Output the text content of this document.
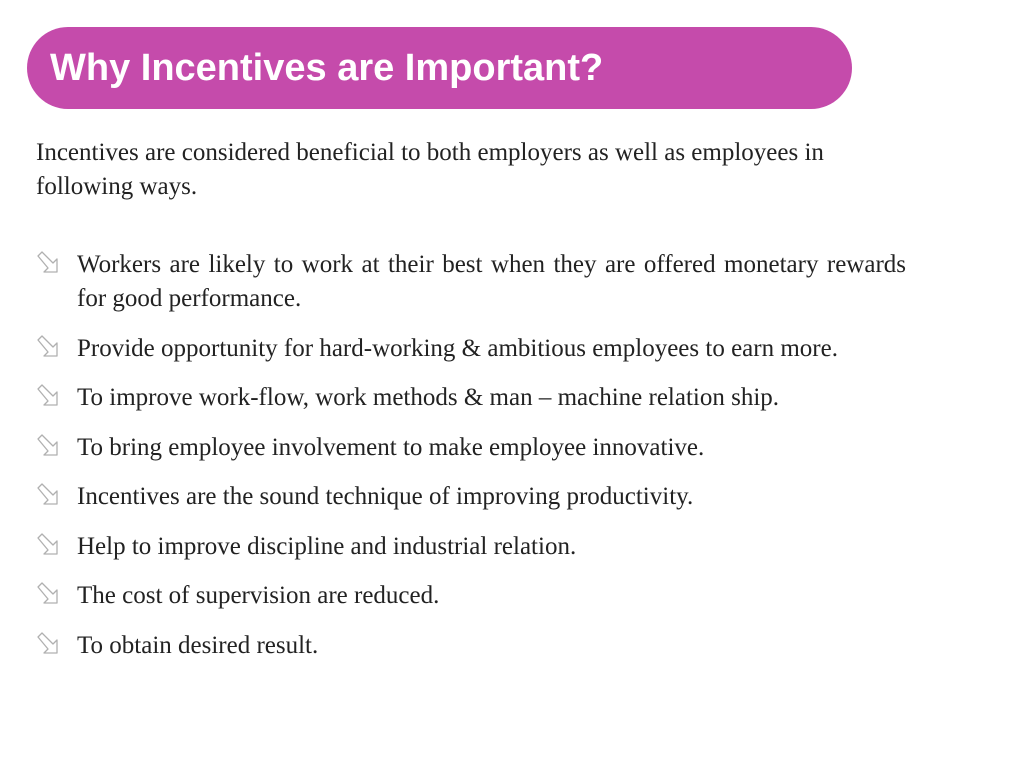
Why Incentives are Important?
Incentives are considered beneficial to both employers as well as employees in following ways.
Workers are likely to work at their best when they are offered monetary rewards for good performance.
Provide opportunity for hard-working & ambitious employees to earn more.
To improve work-flow, work methods & man – machine relation ship.
To bring employee involvement to make employee innovative.
Incentives are the sound technique of improving productivity.
Help to improve discipline and industrial relation.
The cost of supervision are reduced.
To obtain desired result.
